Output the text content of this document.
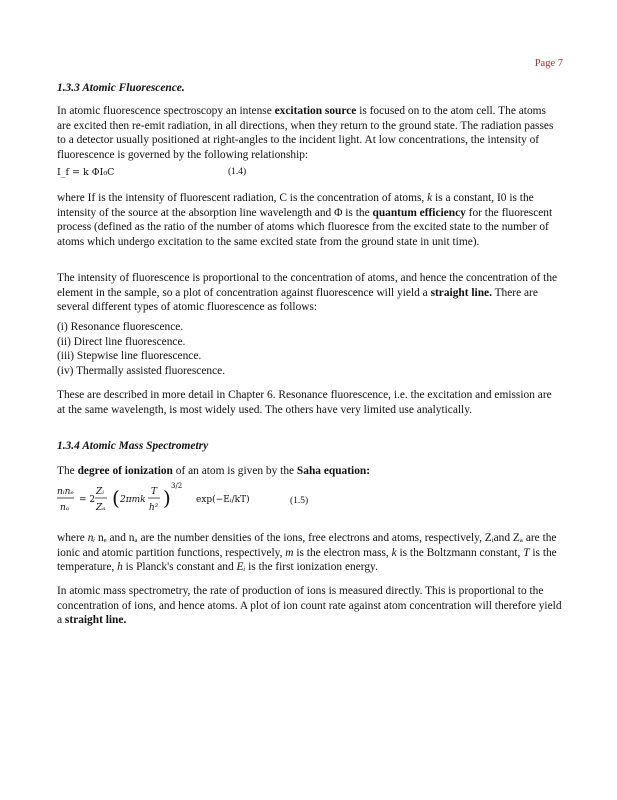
Page 7
1.3.3 Atomic Fluorescence.

In atomic fluorescence spectroscopy an intense excitation source is focused on to the atom cell. The atoms are excited then re-emit radiation, in all directions, when they return to the ground state. The radiation passes to a detector usually positioned at right-angles to the incident light. At low concentrations, the intensity of fluorescence is governed by the following relationship:

I_f = k ΦI₀C	(1.4)

where If is the intensity of fluorescent radiation, C is the concentration of atoms, k is a constant, I0 is the intensity of the source at the absorption line wavelength and Φ is the quantum efficiency for the fluorescent process (defined as the ratio of the number of atoms which fluoresce from the excited state to the number of atoms which undergo excitation to the same excited state from the ground state in unit time).

The intensity of fluorescence is proportional to the concentration of atoms, and hence the concentration of the element in the sample, so a plot of concentration against fluorescence will yield a straight line. There are several different types of atomic fluorescence as follows:

(i) Resonance fluorescence.
(ii) Direct line fluorescence.
(iii) Stepwise line fluorescence.
(iv) Thermally assisted fluorescence.

These are described in more detail in Chapter 6. Resonance fluorescence, i.e. the excitation and emission are at the same wavelength, is most widely used. The others have very limited use analytically.

1.3.4 Atomic Mass Spectrometry

The degree of ionization of an atom is given by the Saha equation:

nᵢnₑ
nₐ
= 2
Zᵢ
Zₐ ( 2πmk
T
h² ) 3/2
exp(−Eᵢ/kT)	(1.5)

where nᵢ nₑ and nₐ are the number densities of the ions, free electrons and atoms, respectively, Zᵢand Zₐ are the ionic and atomic partition functions, respectively, m is the electron mass, k is the Boltzmann constant, T is the temperature, h is Planck's constant and Eᵢ is the first ionization energy.

In atomic mass spectrometry, the rate of production of ions is measured directly. This is proportional to the concentration of ions, and hence atoms. A plot of ion count rate against atom concentration will therefore yield a straight line.
